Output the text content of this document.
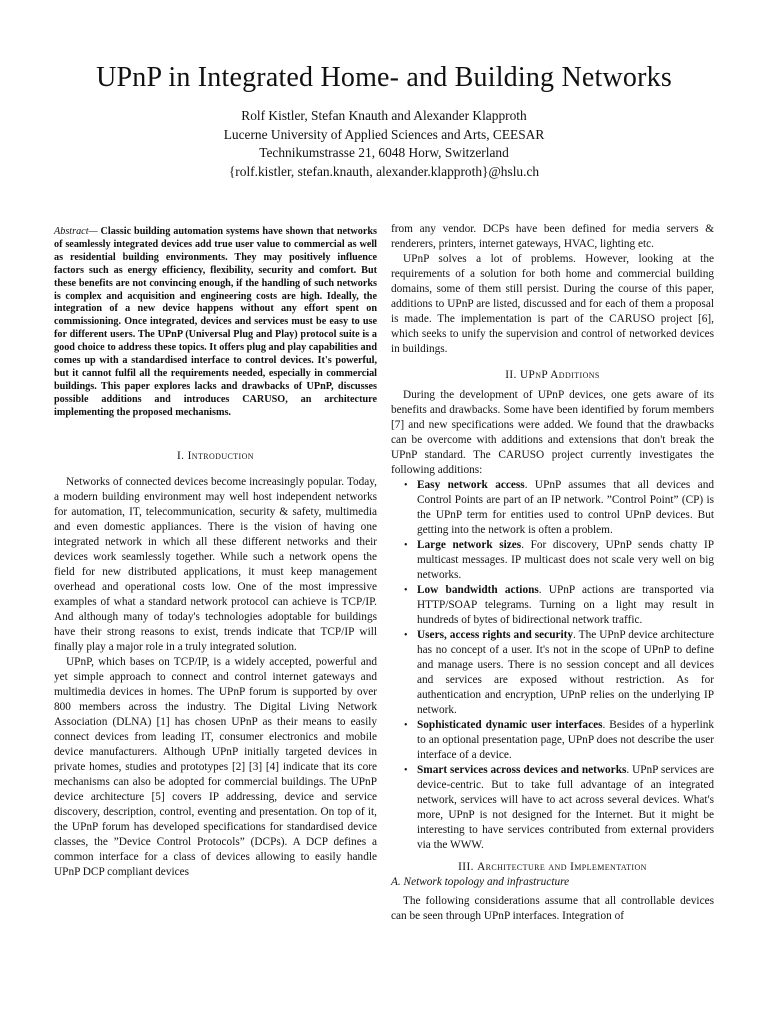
UPnP in Integrated Home- and Building Networks
Rolf Kistler, Stefan Knauth and Alexander Klapproth
Lucerne University of Applied Sciences and Arts, CEESAR
Technikumstrasse 21, 6048 Horw, Switzerland
{rolf.kistler, stefan.knauth, alexander.klapproth}@hslu.ch
Abstract— Classic building automation systems have shown that networks of seamlessly integrated devices add true user value to commercial as well as residential building environments. They may positively influence factors such as energy efficiency, flexibility, security and comfort. But these benefits are not convincing enough, if the handling of such networks is complex and acquisition and engineering costs are high. Ideally, the integration of a new device happens without any effort spent on commissioning. Once integrated, devices and services must be easy to use for different users. The UPnP (Universal Plug and Play) protocol suite is a good choice to address these topics. It offers plug and play capabilities and comes up with a standardised interface to control devices. It's powerful, but it cannot fulfil all the requirements needed, especially in commercial buildings. This paper explores lacks and drawbacks of UPnP, discusses possible additions and introduces CARUSO, an architecture implementing the proposed mechanisms.
I. Introduction

Networks of connected devices become increasingly popular. Today, a modern building environment may well host independent networks for automation, IT, telecommunication, security & safety, multimedia and even domestic appliances. There is the vision of having one integrated network in which all these different networks and their devices work seamlessly together. While such a network opens the field for new distributed applications, it must keep management overhead and operational costs low. One of the most impressive examples of what a standard network protocol can achieve is TCP/IP. And although many of today's technologies adoptable for buildings have their strong reasons to exist, trends indicate that TCP/IP will finally play a major role in a truly integrated solution.

UPnP, which bases on TCP/IP, is a widely accepted, powerful and yet simple approach to connect and control internet gateways and multimedia devices in homes. The UPnP forum is supported by over 800 members across the industry. The Digital Living Network Association (DLNA) [1] has chosen UPnP as their means to easily connect devices from leading IT, consumer electronics and mobile device manufacturers. Although UPnP initially targeted devices in private homes, studies and prototypes [2] [3] [4] indicate that its core mechanisms can also be adopted for commercial buildings. The UPnP device architecture [5] covers IP addressing, device and service discovery, description, control, eventing and presentation. On top of it, the UPnP forum has developed specifications for standardised device classes, the ”Device Control Protocols” (DCPs). A DCP defines a common interface for a class of devices allowing to easily handle UPnP DCP compliant devices

from any vendor. DCPs have been defined for media servers & renderers, printers, internet gateways, HVAC, lighting etc.

UPnP solves a lot of problems. However, looking at the requirements of a solution for both home and commercial building domains, some of them still persist. During the course of this paper, additions to UPnP are listed, discussed and for each of them a proposal is made. The implementation is part of the CARUSO project [6], which seeks to unify the supervision and control of networked devices in buildings.

II. UPnP Additions

During the development of UPnP devices, one gets aware of its benefits and drawbacks. Some have been identified by forum members [7] and new specifications were added. We found that the drawbacks can be overcome with additions and extensions that don't break the UPnP standard. The CARUSO project currently investigates the following additions:

• Easy network access. UPnP assumes that all devices and Control Points are part of an IP network. ”Control Point” (CP) is the UPnP term for entities used to control UPnP devices. But getting into the network is often a problem.
• Large network sizes. For discovery, UPnP sends chatty IP multicast messages. IP multicast does not scale very well on big networks.
• Low bandwidth actions. UPnP actions are transported via HTTP/SOAP telegrams. Turning on a light may result in hundreds of bytes of bidirectional network traffic.
• Users, access rights and security. The UPnP device architecture has no concept of a user. It's not in the scope of UPnP to define and manage users. There is no session concept and all devices and services are exposed without restriction. As for authentication and encryption, UPnP relies on the underlying IP network.
• Sophisticated dynamic user interfaces. Besides of a hyperlink to an optional presentation page, UPnP does not describe the user interface of a device.
• Smart services across devices and networks. UPnP services are device-centric. But to take full advantage of an integrated network, services will have to act across several devices. What's more, UPnP is not designed for the Internet. But it might be interesting to have services contributed from external providers via the WWW.
III. Architecture and Implementation
A. Network topology and infrastructure

The following considerations assume that all controllable devices can be seen through UPnP interfaces. Integration of
